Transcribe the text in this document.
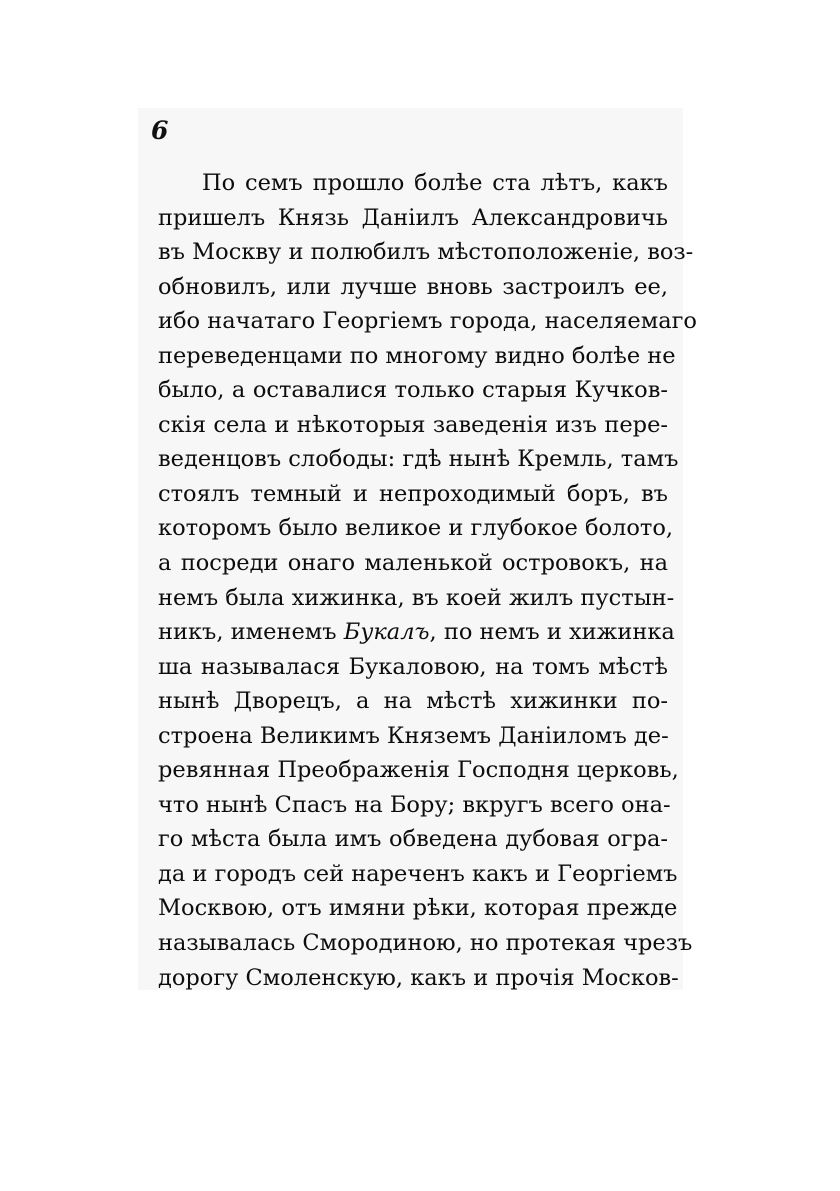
6
По семъ прошло болѣе ста лѣтъ, какъ
пришелъ Князь Даніилъ Александровичь
въ Москву и полюбилъ мѣстоположеніе, воз-
обновилъ, или лучше вновь застроилъ ее,
ибо начатаго Георгіемъ города, населяемаго
переведенцами по многому видно болѣе не
было, а оставалися только старыя Кучков-
скія села и нѣкоторыя заведенія изъ пере-
веденцовъ слободы: гдѣ нынѣ Кремль, тамъ
стоялъ темный и непроходимый боръ, въ
которомъ было великое и глубокое болото,
а посреди онаго маленькой островокъ, на
немъ была хижинка, въ коей жилъ пустын-
никъ, именемъ Букалъ, по немъ и хижинка
ша называлася Букаловою, на томъ мѣстѣ
нынѣ Дворецъ, а на мѣстѣ хижинки по-
строена Великимъ Княземъ Даніиломъ де-
ревянная Преображенія Господня церковь,
что нынѣ Спасъ на Бору; вкругъ всего она-
го мѣста была имъ обведена дубовая огра-
да и городъ сей нареченъ какъ и Георгіемъ
Москвою, отъ имяни рѣки, которая прежде
называлась Смородиною, но протекая чрезъ
дорогу Смоленскую, какъ и прочія Москов-
